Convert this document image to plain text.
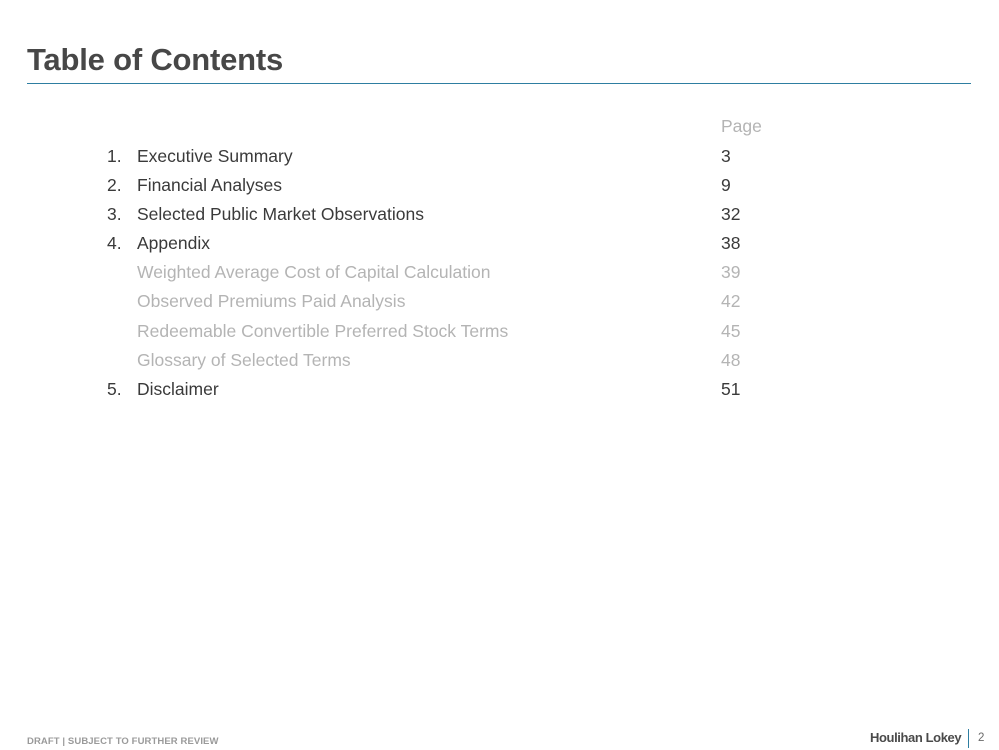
Table of Contents
Page
1. Executive Summary	3
2. Financial Analyses	9
3. Selected Public Market Observations	32
4. Appendix	38
Weighted Average Cost of Capital Calculation	39
Observed Premiums Paid Analysis	42
Redeemable Convertible Preferred Stock Terms	45
Glossary of Selected Terms	48
5. Disclaimer	51
DRAFT | SUBJECT TO FURTHER REVIEW	Houlihan Lokey 2
